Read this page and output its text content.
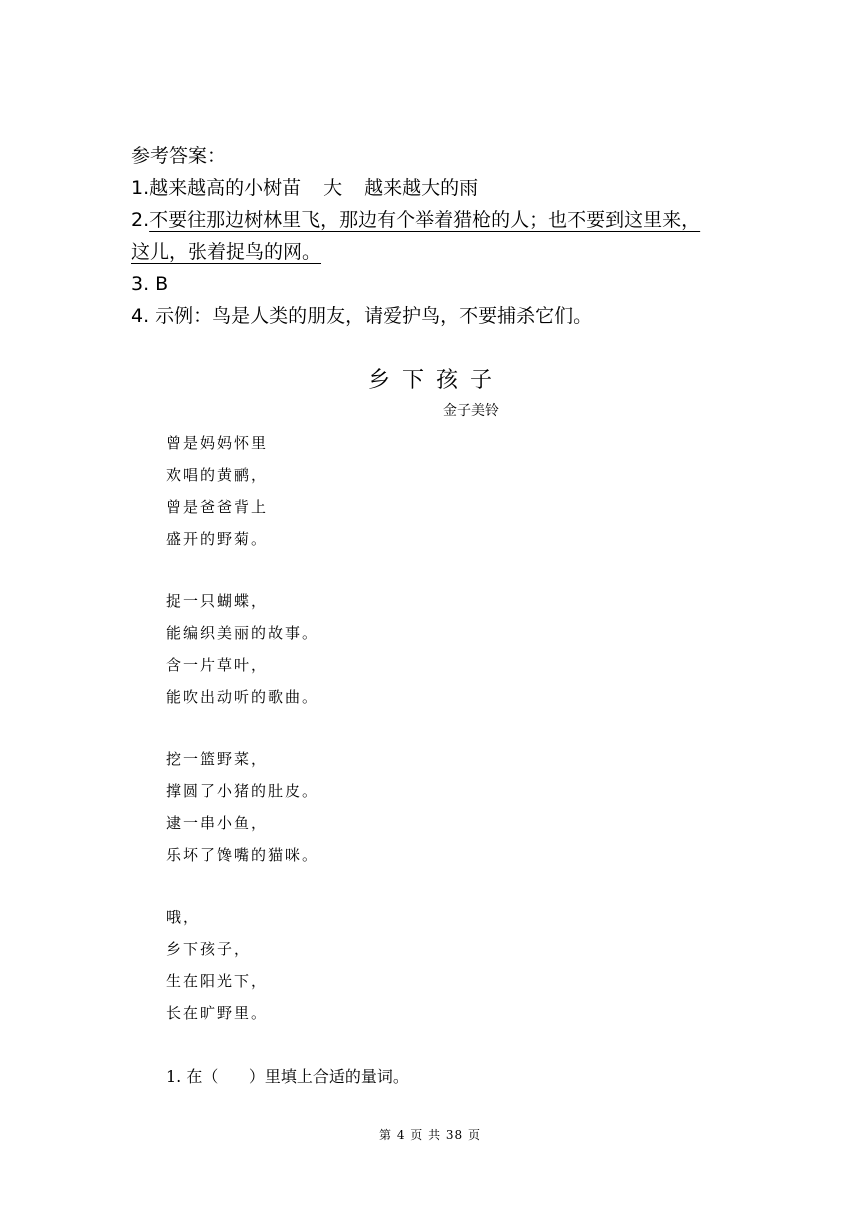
参考答案：
1.越来越高的小树苗 大 越来越大的雨
2.不要往那边树林里飞，那边有个举着猎枪的人；也不要到这里来，
这儿，张着捉鸟的网。
3. B
4. 示例：鸟是人类的朋友，请爱护鸟，不要捕杀它们。
乡下孩子
金子美铃
曾是妈妈怀里
欢唱的黄鹂，
曾是爸爸背上
盛开的野菊。
捉一只蝴蝶，
能编织美丽的故事。
含一片草叶，
能吹出动听的歌曲。
挖一篮野菜，
撑圆了小猪的肚皮。
逮一串小鱼，
乐坏了馋嘴的猫咪。
哦，
乡下孩子，
生在阳光下，
长在旷野里。
1. 在（      ）里填上合适的量词。
第 4 页 共 38 页
